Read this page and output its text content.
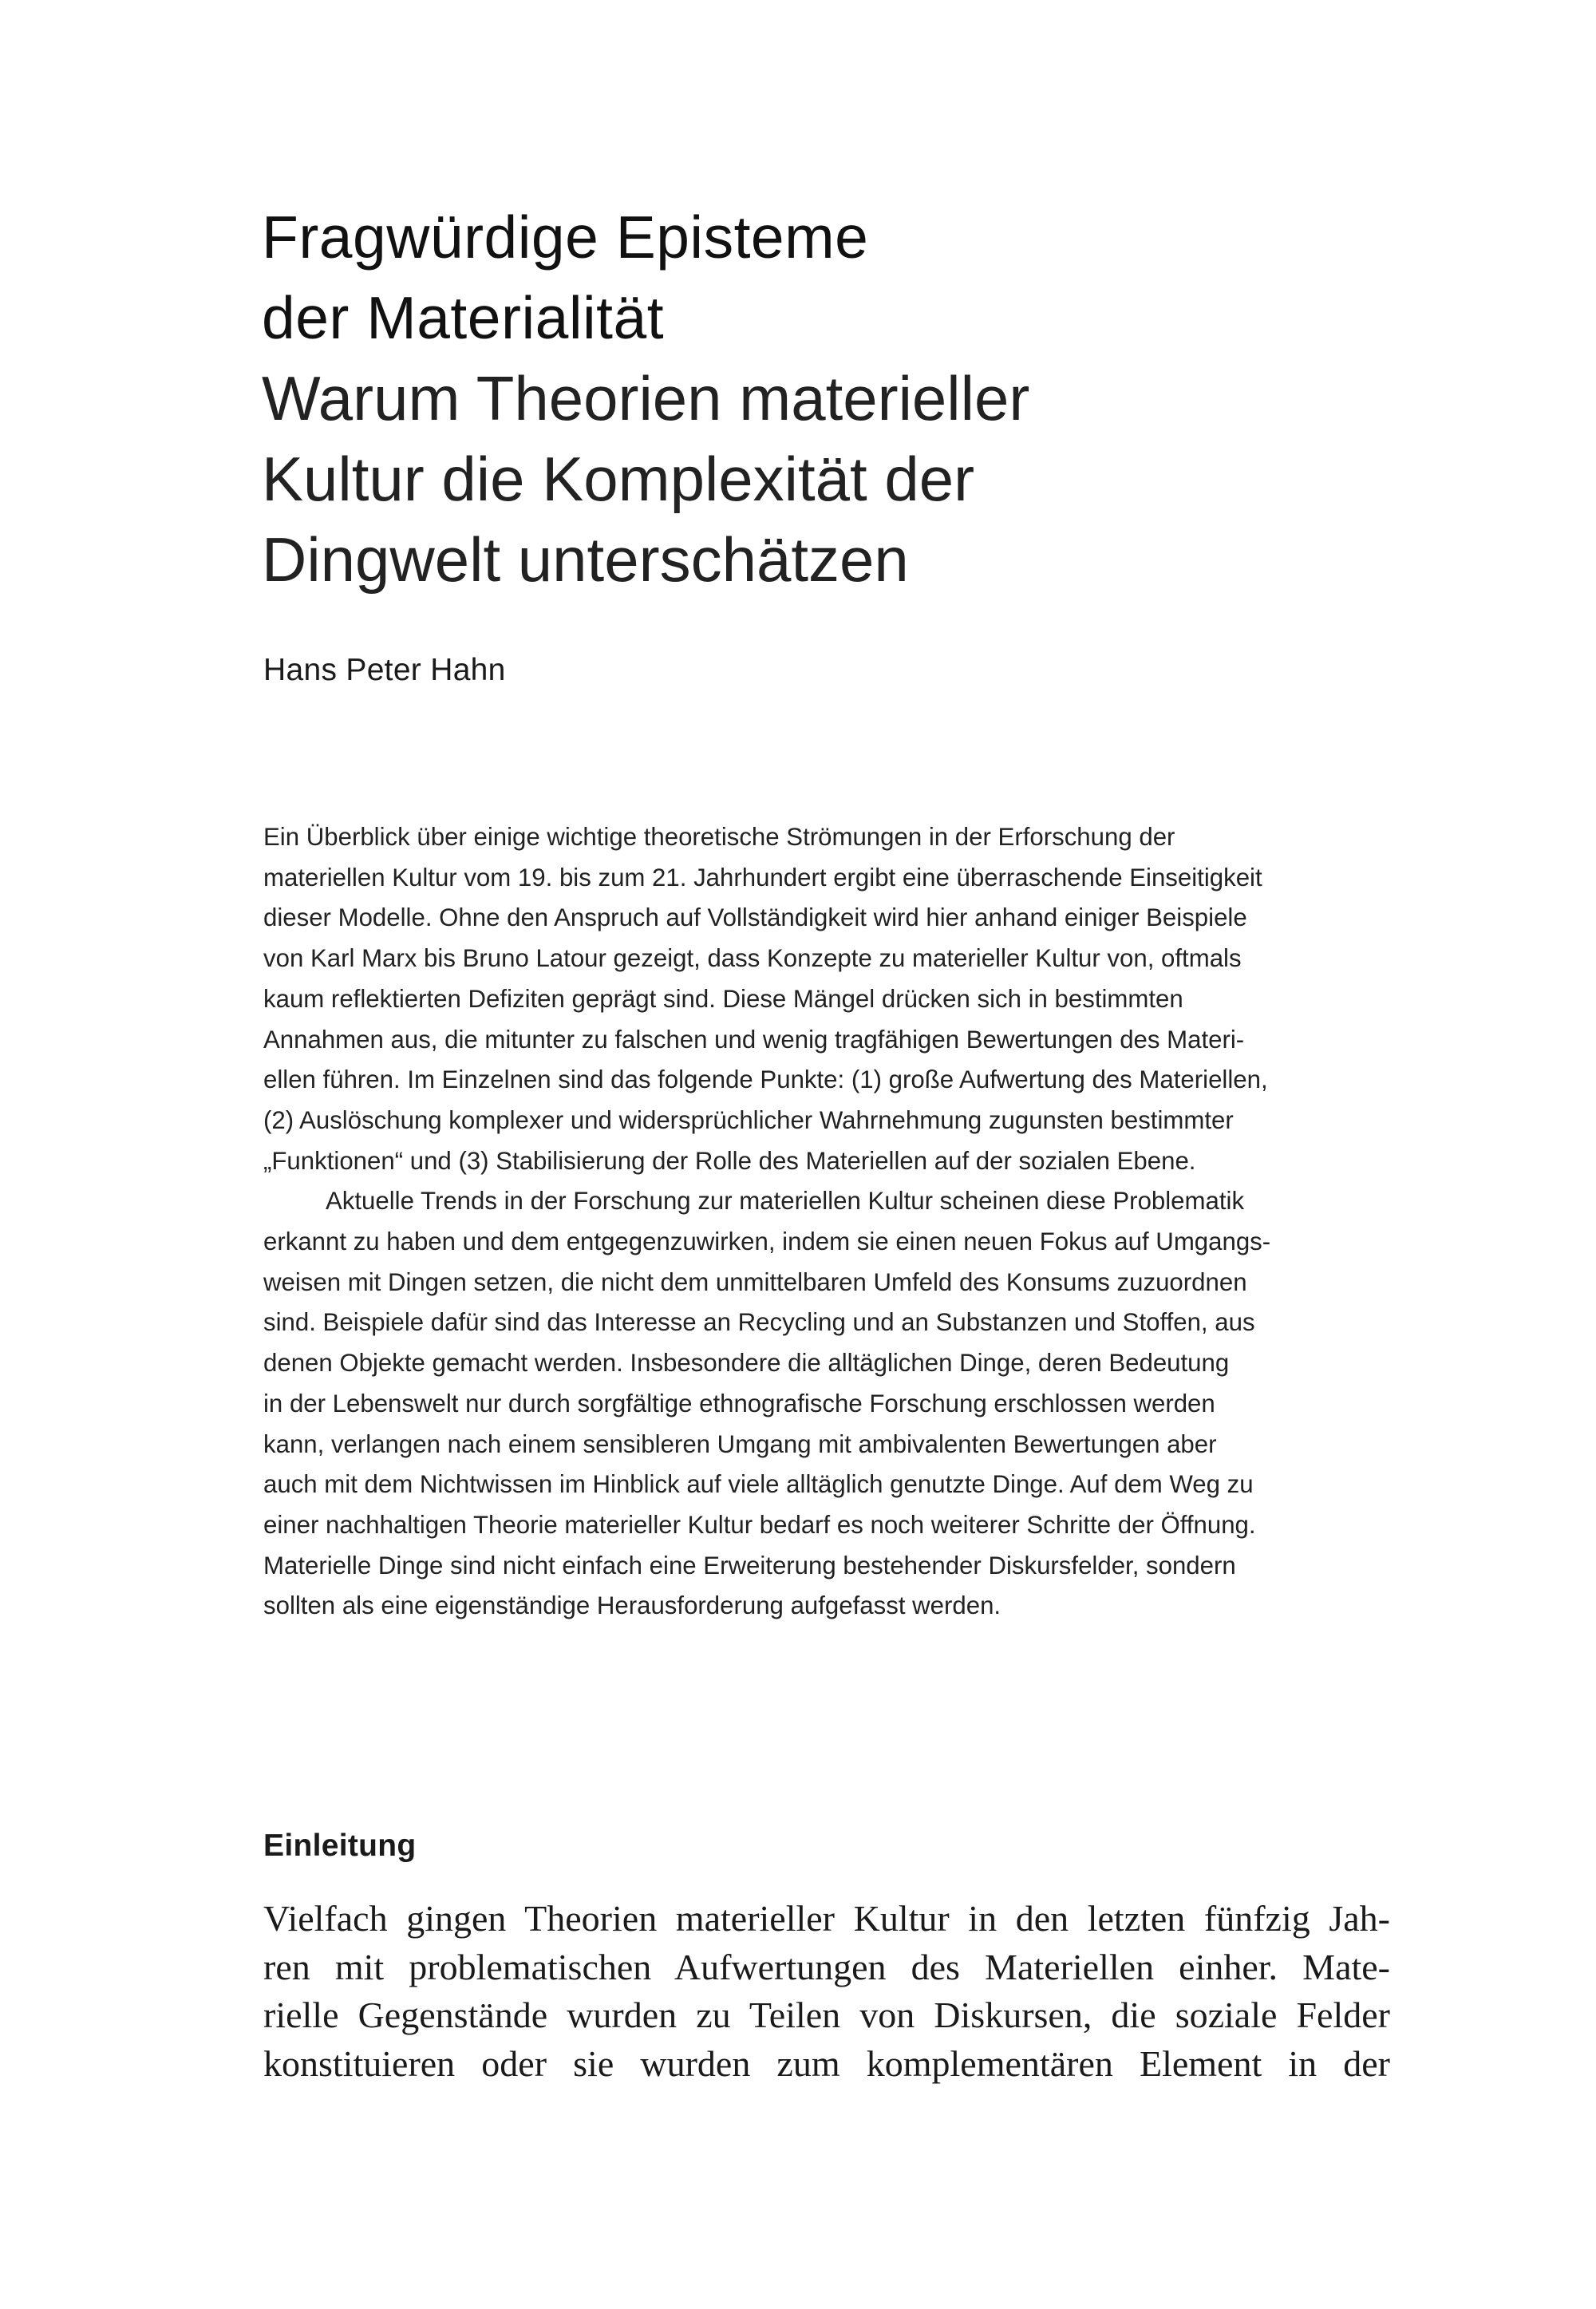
Fragwürdige Episteme
der Materialität
Warum Theorien materieller
Kultur die Komplexität der
Dingwelt unterschätzen
Hans Peter Hahn
Ein Überblick über einige wichtige theoretische Strömungen in der Erforschung der
materiellen Kultur vom 19. bis zum 21. Jahrhundert ergibt eine überraschende Einseitigkeit
dieser Modelle. Ohne den Anspruch auf Vollständigkeit wird hier anhand einiger Beispiele
von Karl Marx bis Bruno Latour gezeigt, dass Konzepte zu materieller Kultur von, oftmals
kaum reflektierten Defiziten geprägt sind. Diese Mängel drücken sich in bestimmten
Annahmen aus, die mitunter zu falschen und wenig tragfähigen Bewertungen des Materi-
ellen führen. Im Einzelnen sind das folgende Punkte: (1) große Aufwertung des Materiellen,
(2) Auslöschung komplexer und widersprüchlicher Wahrnehmung zugunsten bestimmter
„Funktionen“ und (3) Stabilisierung der Rolle des Materiellen auf der sozialen Ebene.
Aktuelle Trends in der Forschung zur materiellen Kultur scheinen diese Problematik
erkannt zu haben und dem entgegenzuwirken, indem sie einen neuen Fokus auf Umgangs-
weisen mit Dingen setzen, die nicht dem unmittelbaren Umfeld des Konsums zuzuordnen
sind. Beispiele dafür sind das Interesse an Recycling und an Substanzen und Stoffen, aus
denen Objekte gemacht werden. Insbesondere die alltäglichen Dinge, deren Bedeutung
in der Lebenswelt nur durch sorgfältige ethnografische Forschung erschlossen werden
kann, verlangen nach einem sensibleren Umgang mit ambivalenten Bewertungen aber
auch mit dem Nichtwissen im Hinblick auf viele alltäglich genutzte Dinge. Auf dem Weg zu
einer nachhaltigen Theorie materieller Kultur bedarf es noch weiterer Schritte der Öffnung.
Materielle Dinge sind nicht einfach eine Erweiterung bestehender Diskursfelder, sondern
sollten als eine eigenständige Herausforderung aufgefasst werden.
Einleitung
Vielfach gingen Theorien materieller Kultur in den letzten fünfzig Jah-
ren mit problematischen Aufwertungen des Materiellen einher. Mate-
rielle Gegenstände wurden zu Teilen von Diskursen, die soziale Felder
konstituieren oder sie wurden zum komplementären Element in der
